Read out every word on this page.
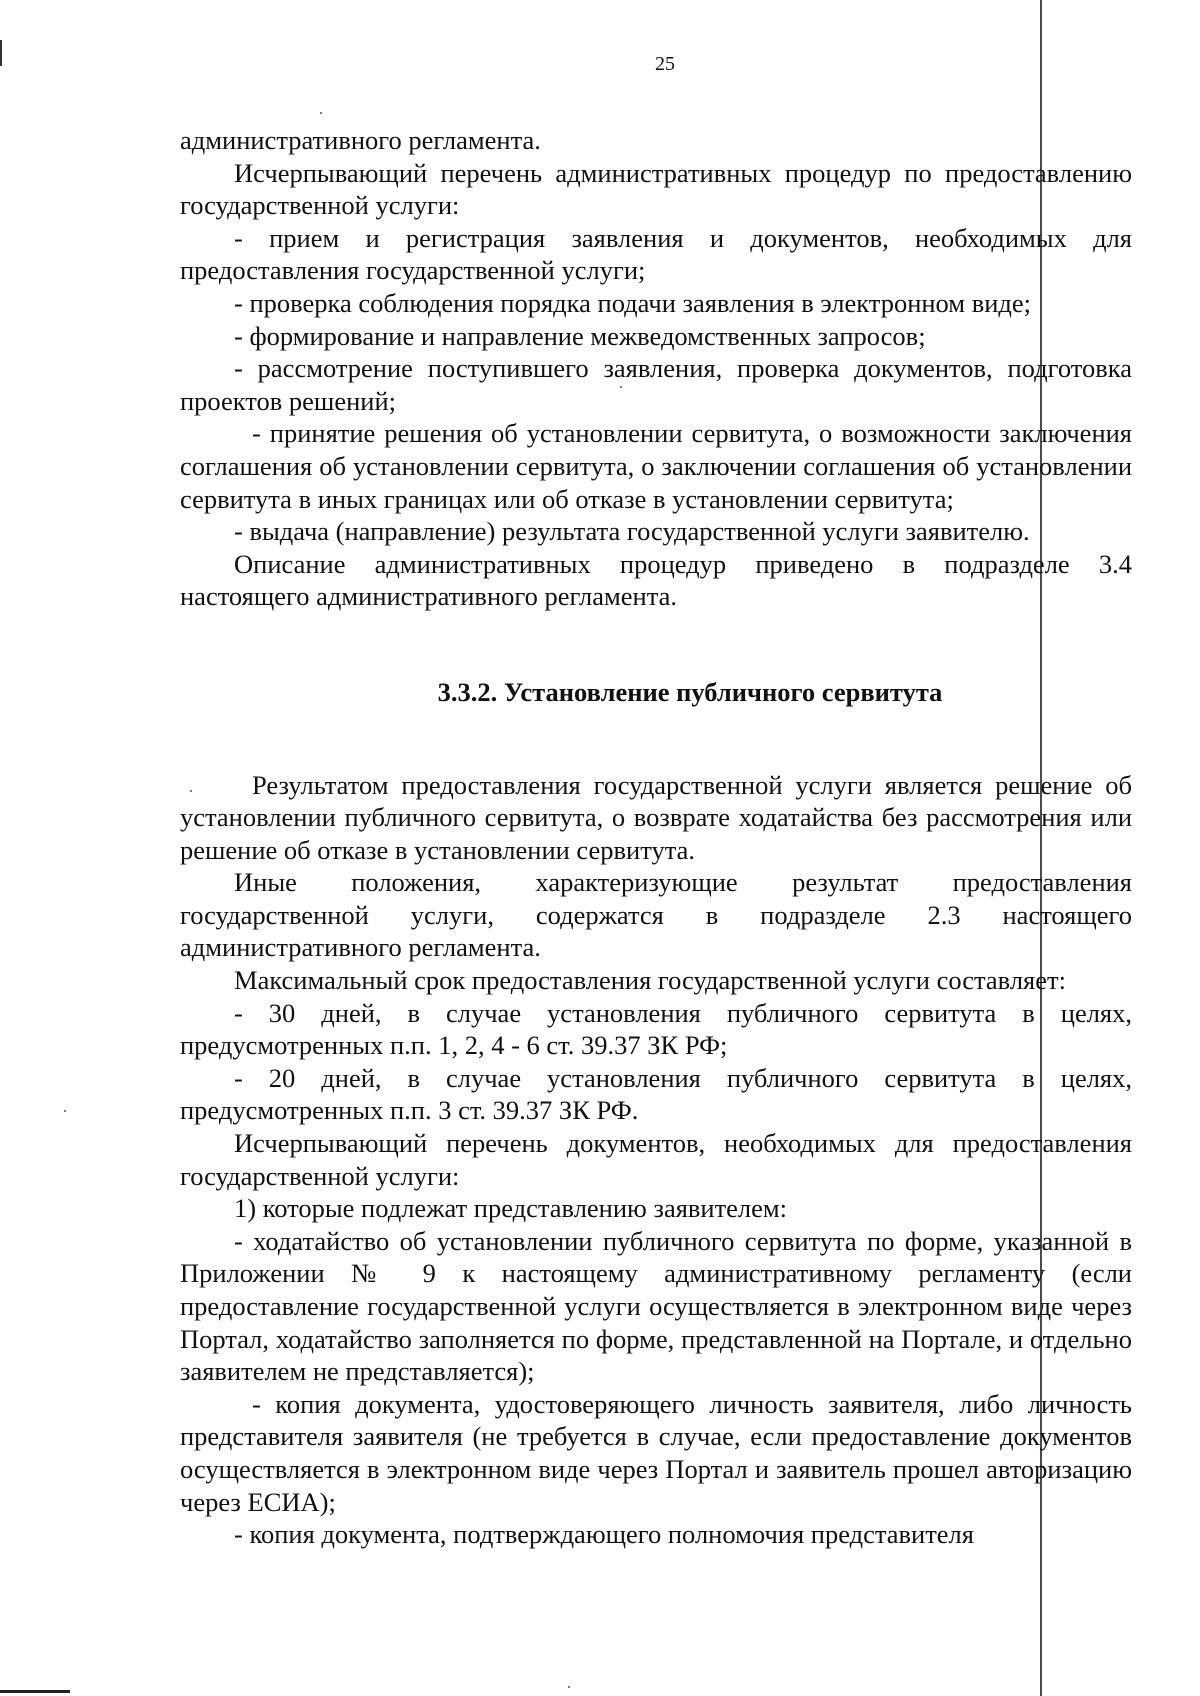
25

административного регламента.

Исчерпывающий перечень административных процедур по предоставлению государственной услуги:

- прием и регистрация заявления и документов, необходимых для предоставления государственной услуги;

- проверка соблюдения порядка подачи заявления в электронном виде;

- формирование и направление межведомственных запросов;

- рассмотрение поступившего заявления, проверка документов, подготовка проектов решений;

- принятие решения об установлении сервитута, о возможности заключения соглашения об установлении сервитута, о заключении соглашения об установлении сервитута в иных границах или об отказе в установлении сервитута;

- выдача (направление) результата государственной услуги заявителю.

Описание административных процедур приведено в подразделе 3.4 настоящего административного регламента.

3.3.2. Установление публичного сервитута

Результатом предоставления государственной услуги является решение об установлении публичного сервитута, о возврате ходатайства без рассмотрения или решение об отказе в установлении сервитута.

Иные положения, характеризующие результат предоставления государственной услуги, содержатся в подразделе 2.3 настоящего административного регламента.

Максимальный срок предоставления государственной услуги составляет:

- 30 дней, в случае установления публичного сервитута в целях, предусмотренных п.п. 1, 2, 4 - 6 ст. 39.37 ЗК РФ;

- 20 дней, в случае установления публичного сервитута в целях, предусмотренных п.п. 3 ст. 39.37 ЗК РФ.

Исчерпывающий перечень документов, необходимых для предоставления государственной услуги:

1) которые подлежат представлению заявителем:

- ходатайство об установлении публичного сервитута по форме, указанной в Приложении № 9 к настоящему административному регламенту (если предоставление государственной услуги осуществляется в электронном виде через Портал, ходатайство заполняется по форме, представленной на Портале, и отдельно заявителем не представляется);

- копия документа, удостоверяющего личность заявителя, либо личность представителя заявителя (не требуется в случае, если предоставление документов осуществляется в электронном виде через Портал и заявитель прошел авторизацию через ЕСИА);

- копия документа, подтверждающего полномочия представителя
